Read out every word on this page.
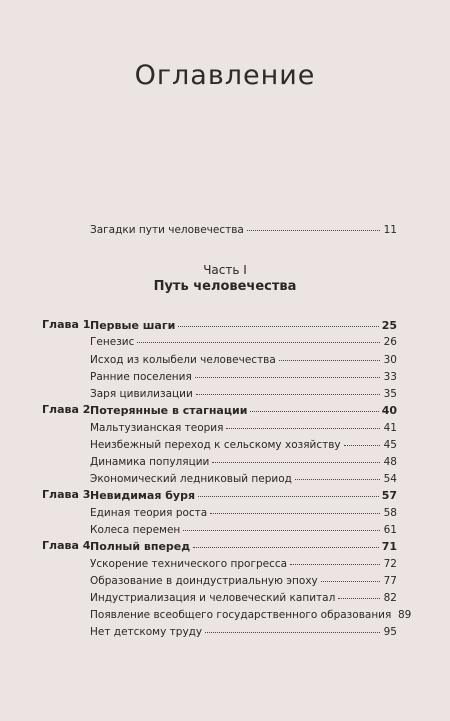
Оглавление
Загадки пути человечества	11
Часть I
Путь человечества
Глава 1 Первые шаги	25
Генезис	26
Исход из колыбели человечества	30
Ранние поселения	33
Заря цивилизации	35
Глава 2 Потерянные в стагнации	40
Мальтузианская теория	41
Неизбежный переход к сельскому хозяйству	45
Динамика популяции	48
Экономический ледниковый период	54
Глава 3 Невидимая буря	57
Единая теория роста	58
Колеса перемен	61
Глава 4 Полный вперед	71
Ускорение технического прогресса	72
Образование в доиндустриальную эпоху	77
Индустриализация и человеческий капитал	82
Появление всеобщего государственного образования 89
Нет детскому труду	95
